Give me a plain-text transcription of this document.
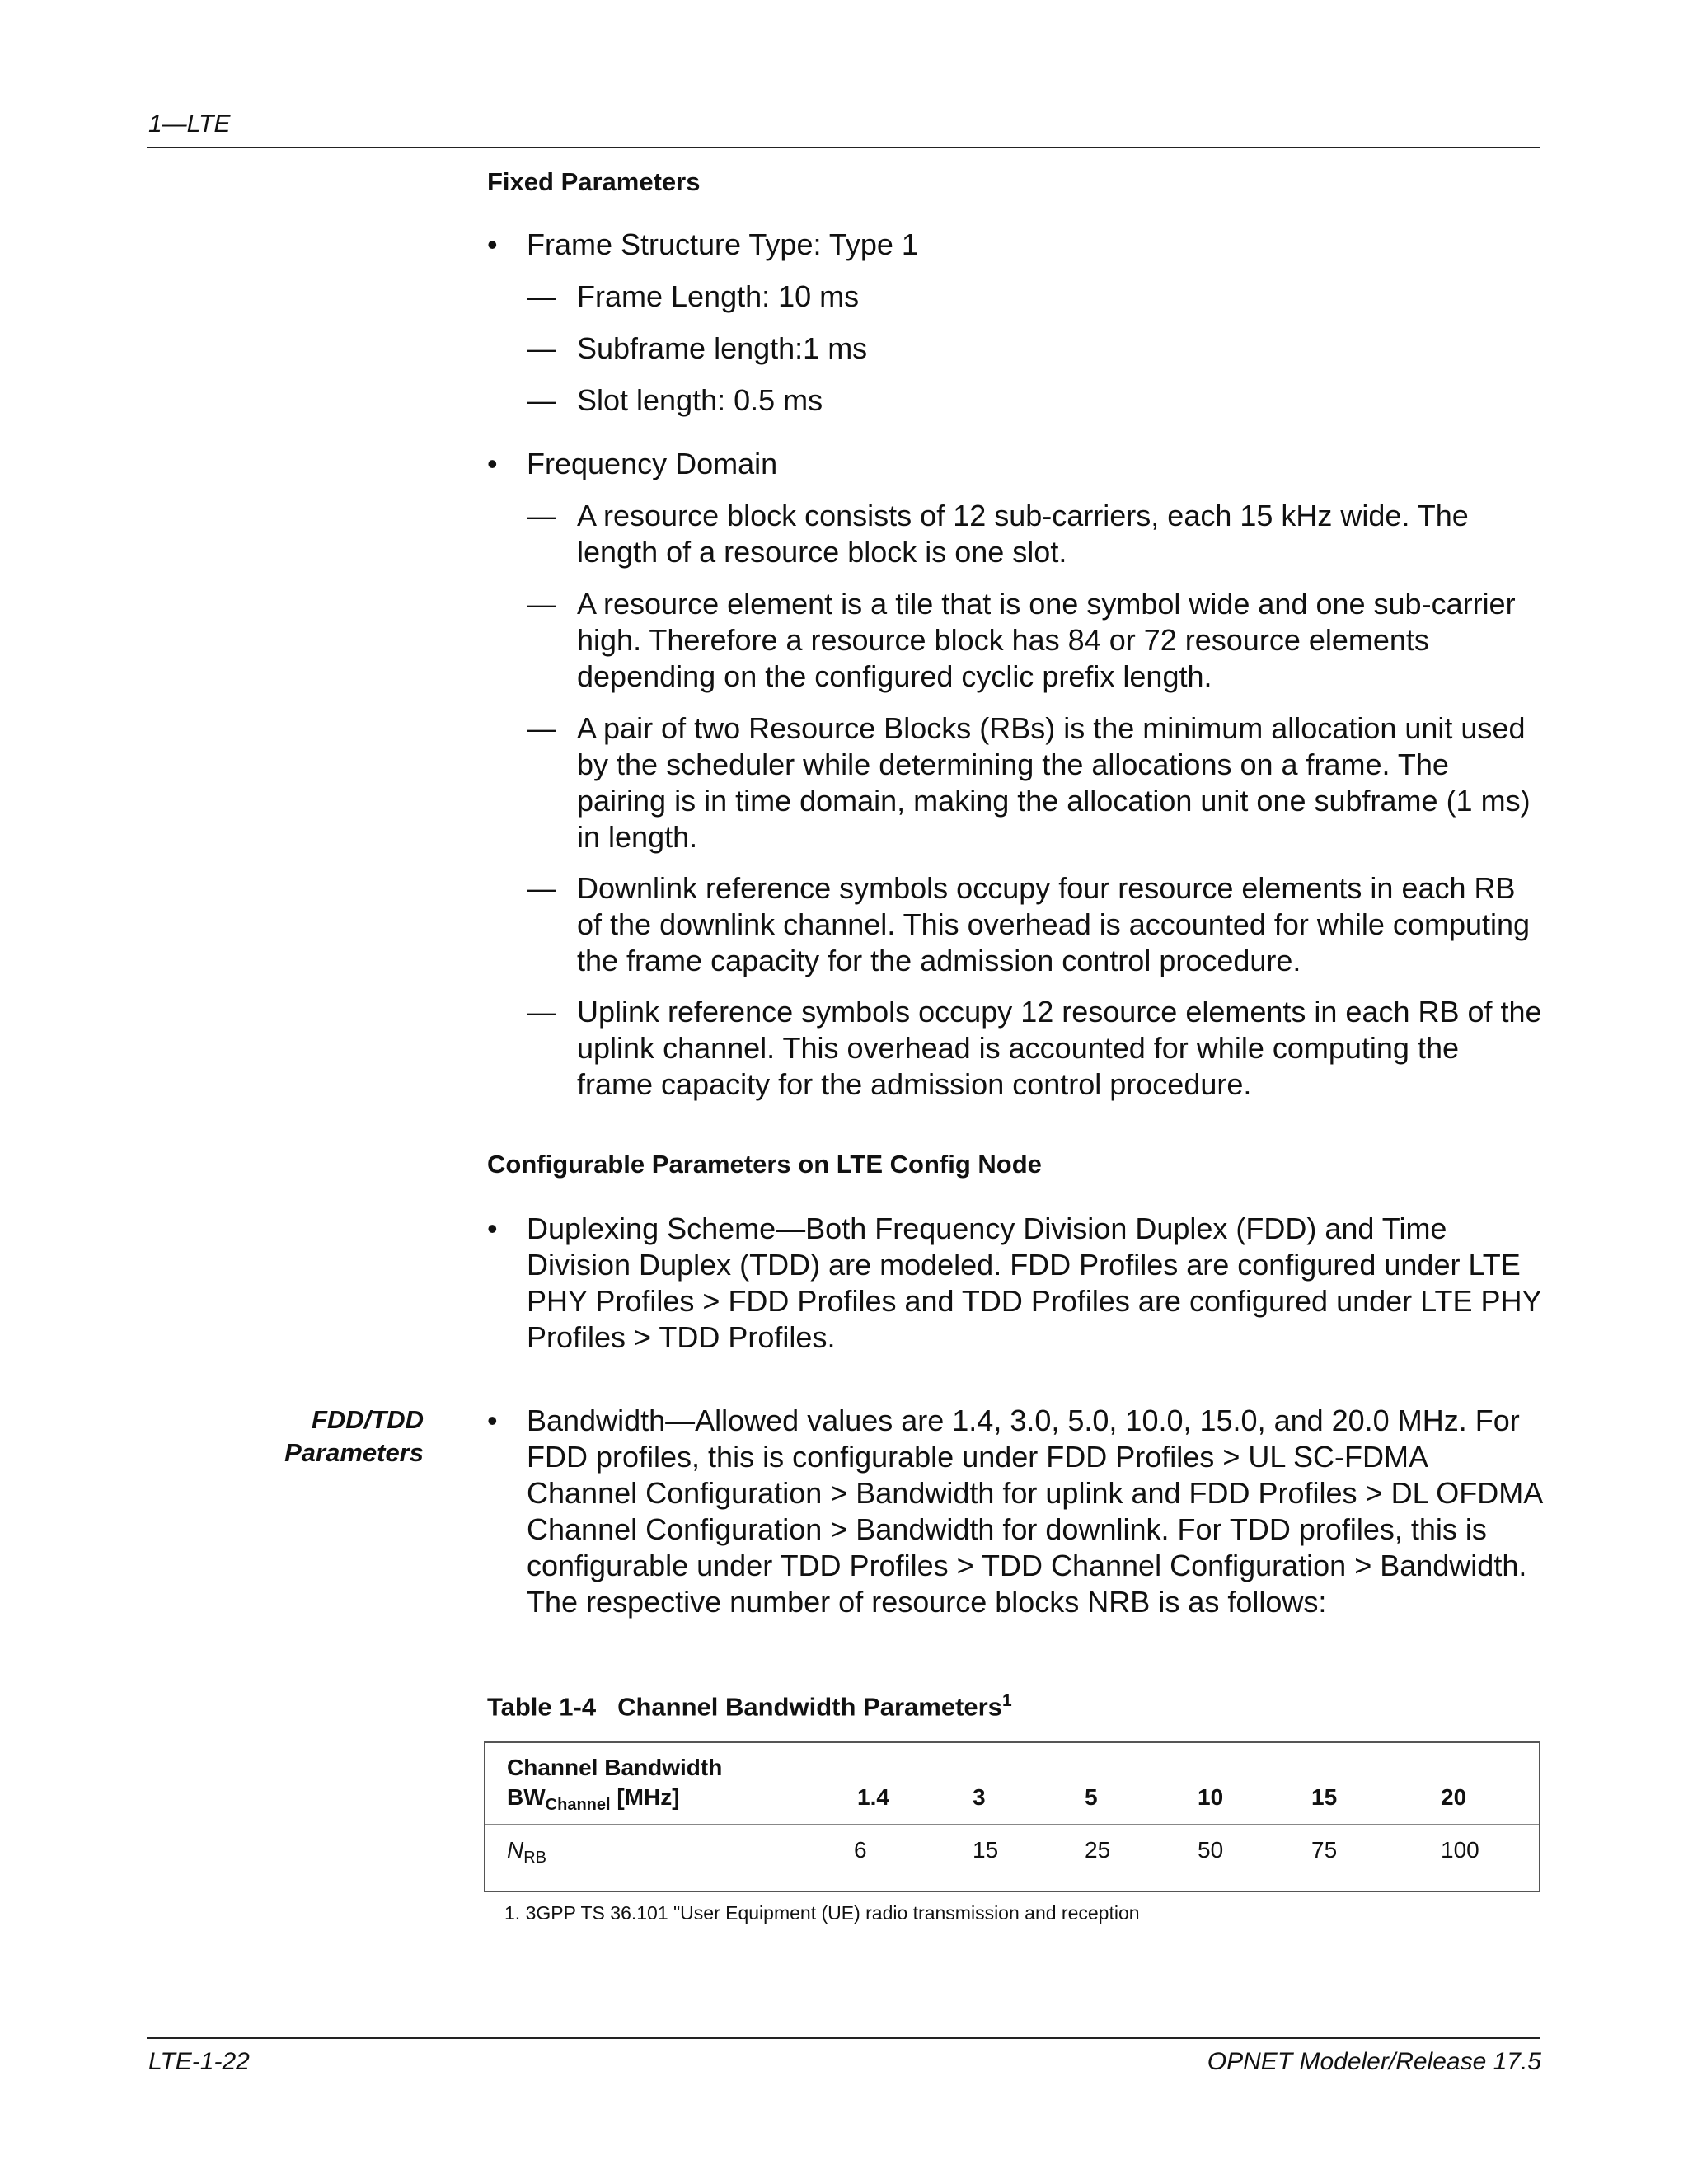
1—LTE
Fixed Parameters
• Frame Structure Type: Type 1
— Frame Length: 10 ms
— Subframe length:1 ms
— Slot length: 0.5 ms
• Frequency Domain
— A resource block consists of 12 sub-carriers, each 15 kHz wide. The length of a resource block is one slot.
— A resource element is a tile that is one symbol wide and one sub-carrier high. Therefore a resource block has 84 or 72 resource elements depending on the configured cyclic prefix length.
— A pair of two Resource Blocks (RBs) is the minimum allocation unit used by the scheduler while determining the allocations on a frame. The pairing is in time domain, making the allocation unit one subframe (1 ms) in length.
— Downlink reference symbols occupy four resource elements in each RB of the downlink channel. This overhead is accounted for while computing the frame capacity for the admission control procedure.
— Uplink reference symbols occupy 12 resource elements in each RB of the uplink channel. This overhead is accounted for while computing the frame capacity for the admission control procedure.
Configurable Parameters on LTE Config Node
• Duplexing Scheme—Both Frequency Division Duplex (FDD) and Time Division Duplex (TDD) are modeled. FDD Profiles are configured under LTE PHY Profiles > FDD Profiles and TDD Profiles are configured under LTE PHY Profiles > TDD Profiles.
FDD/TDD
Parameters
• Bandwidth—Allowed values are 1.4, 3.0, 5.0, 10.0, 15.0, and 20.0 MHz. For FDD profiles, this is configurable under FDD Profiles > UL SC-FDMA Channel Configuration > Bandwidth for uplink and FDD Profiles > DL OFDMA Channel Configuration > Bandwidth for downlink. For TDD profiles, this is configurable under TDD Profiles > TDD Channel Configuration > Bandwidth. The respective number of resource blocks NRB is as follows:
Table 1-4 Channel Bandwidth Parameters$^1$
Channel Bandwidth
$BW_{Channel}$ [MHz]	1.4	3	5	10	15	20
$N_{RB}$	6	15	25	50	75	100
1. 3GPP TS 36.101 "User Equipment (UE) radio transmission and reception
LTE-1-22	OPNET Modeler/Release 17.5
